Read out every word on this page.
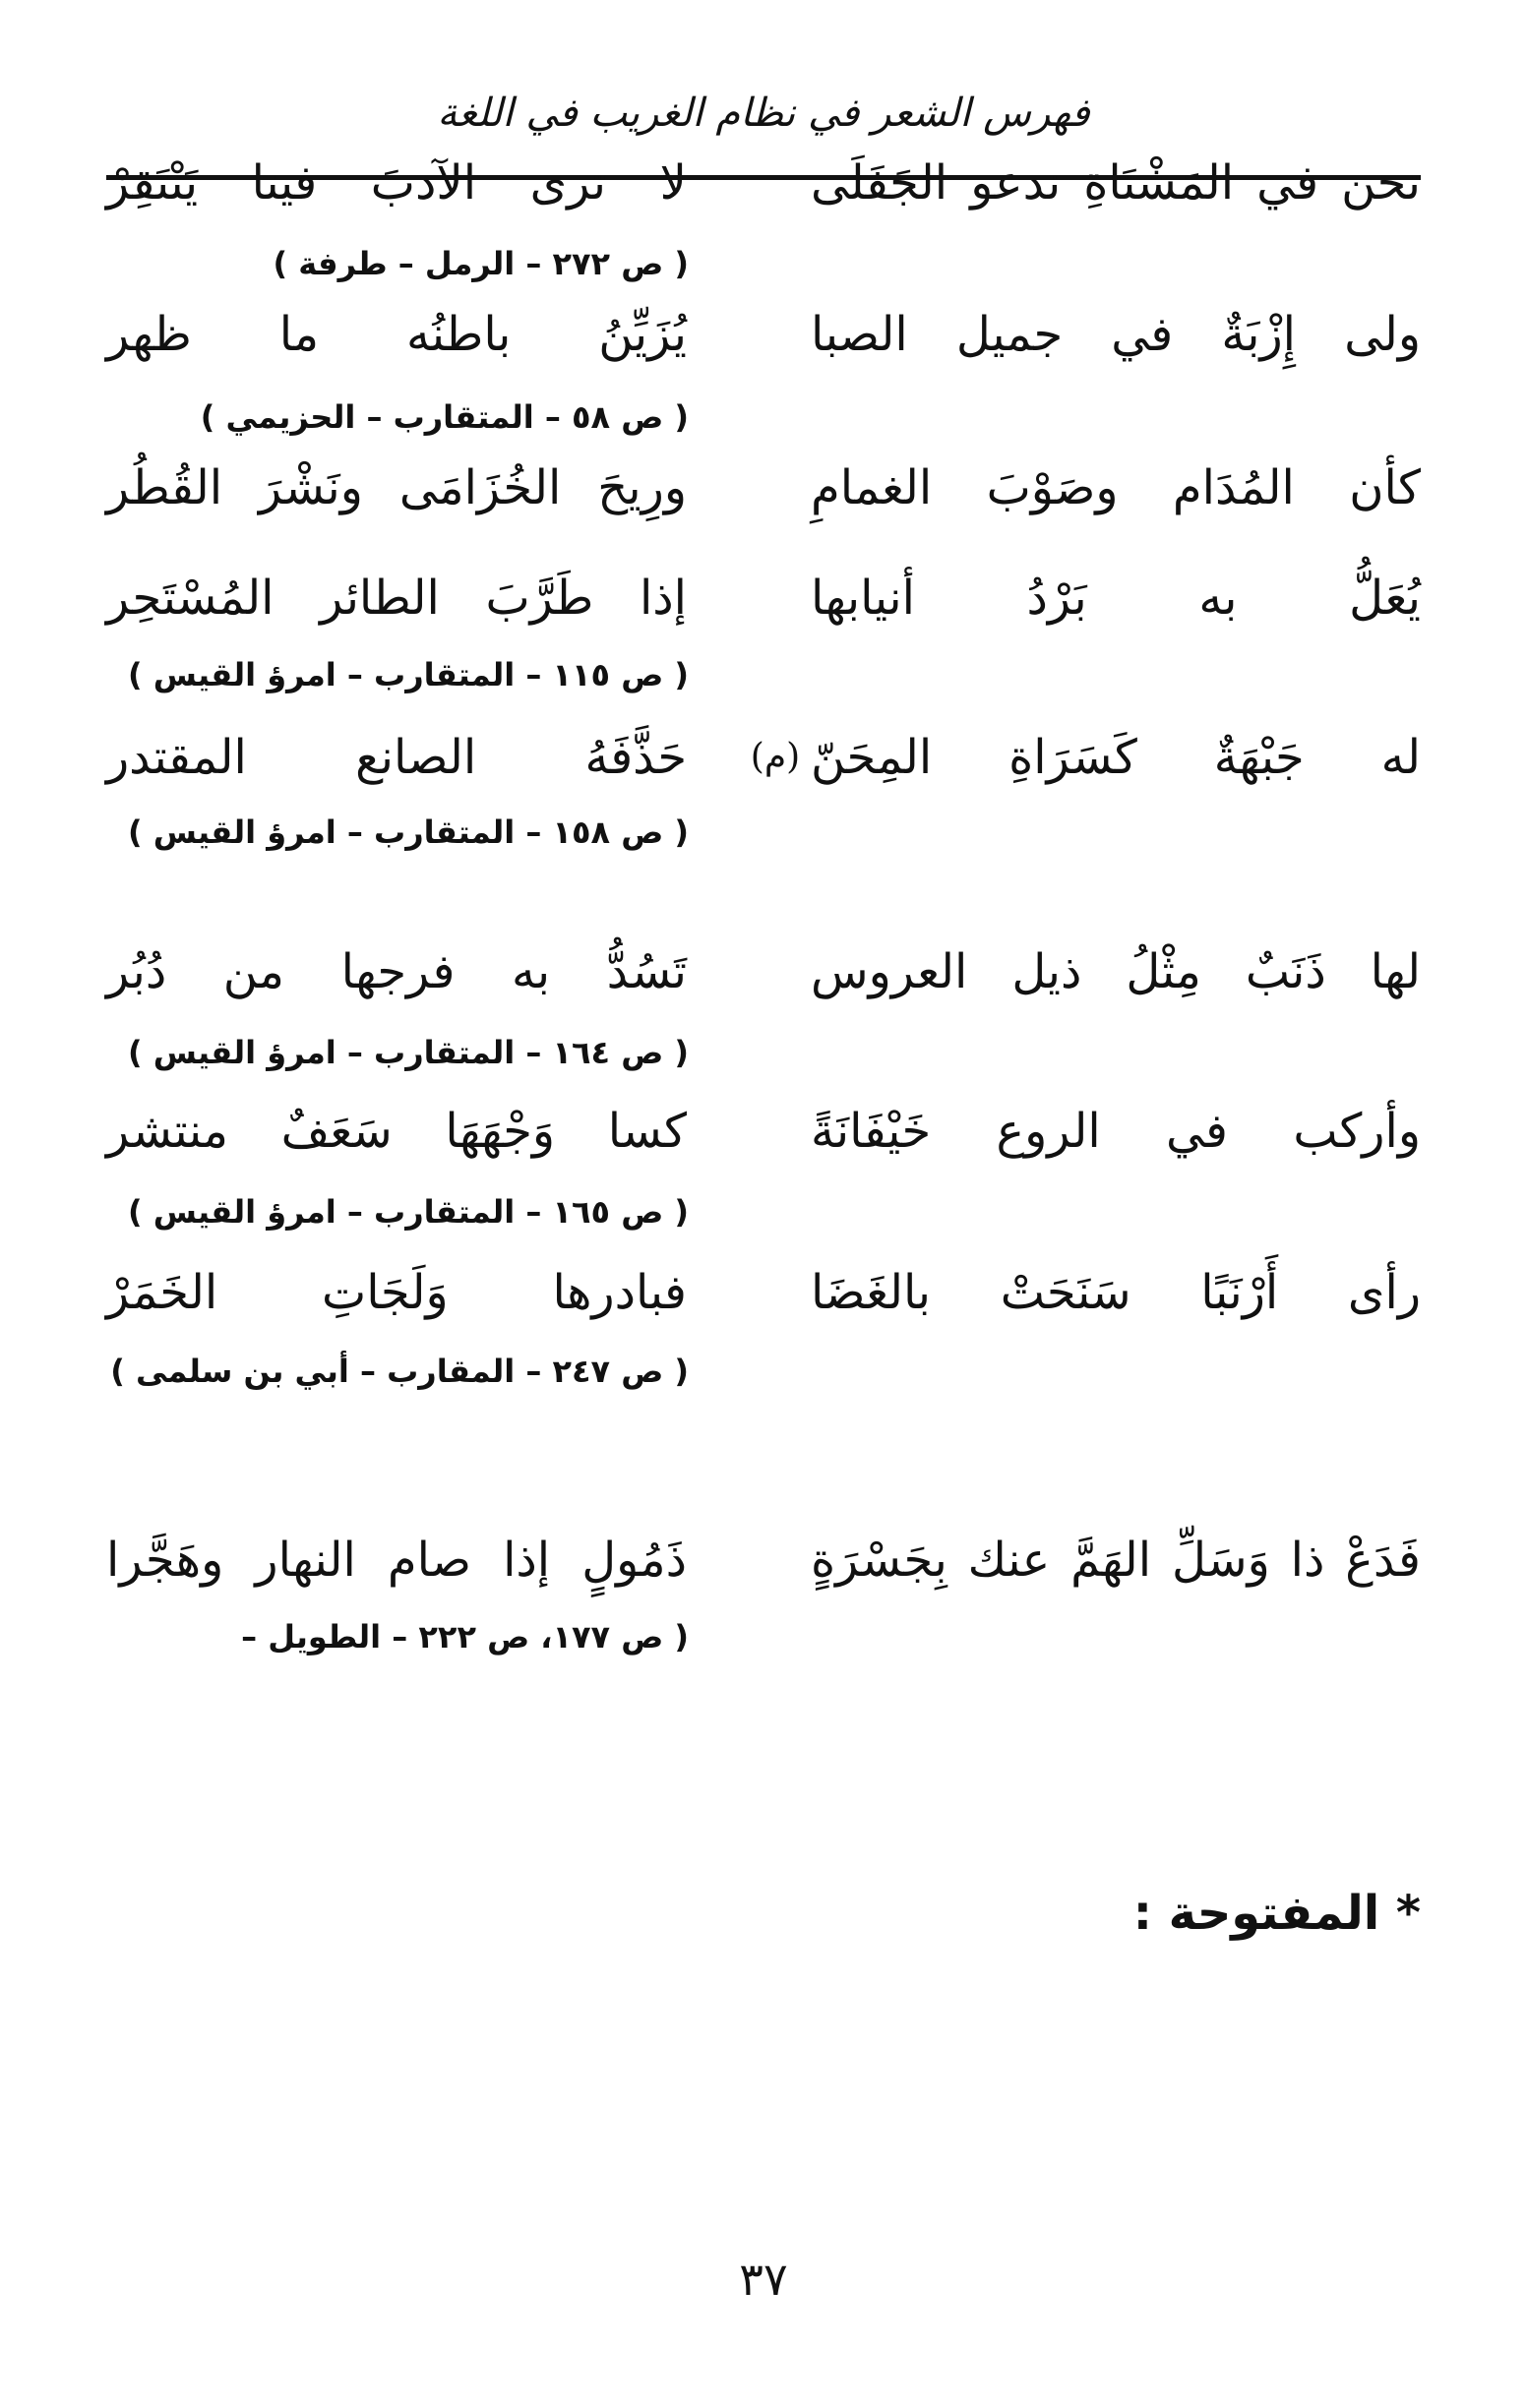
فهرس الشعر في نظام الغريب في اللغة
نحن في المَشْتَاةِ ندعو الجَفَلَى
لا ترى الآدبَ فينا يَنْتَقِرْ
( ص ٢٧٢ – الرمل – طرفة )
ولى إِزْبَةٌ في جميل الصبا
يُزَيِّنُ باطنُه ما ظهر
( ص ٥٨ – المتقارب – الحزيمي )
كأن المُدَام وصَوْبَ الغمامِ
ورِيحَ الخُزَامَى ونَشْرَ القُطُر
يُعَلُّ به بَرْدُ أنيابها
إذا طَرَّبَ الطائر المُسْتَحِر
( ص ١١٥ – المتقارب – امرؤ القيس )
له جَبْهَةٌ كَسَرَاةِ المِحَنّ
(م)
حَذَّفَهُ الصانع المقتدر
( ص ١٥٨ – المتقارب – امرؤ القيس )
لها ذَنَبٌ مِثْلُ ذيل العروس
تَسُدُّ به فرجها من دُبُر
( ص ١٦٤ – المتقارب – امرؤ القيس )
وأركب في الروع خَيْفَانَةً
كسا وَجْهَهَا سَعَفٌ منتشر
( ص ١٦٥ – المتقارب – امرؤ القيس )
رأى أَرْنَبًا سَنَحَتْ بالغَضَا
فبادرها وَلَجَاتِ الخَمَرْ
( ص ٢٤٧ – المقارب – أبي بن سلمى )
* المفتوحة :
فَدَعْ ذا وَسَلِّ الهَمَّ عنك بِجَسْرَةٍ
ذَمُولٍ إذا صام النهار وهَجَّرا
( ص ١٧٧، ص ٢٢٢ – الطويل –
٣٧
